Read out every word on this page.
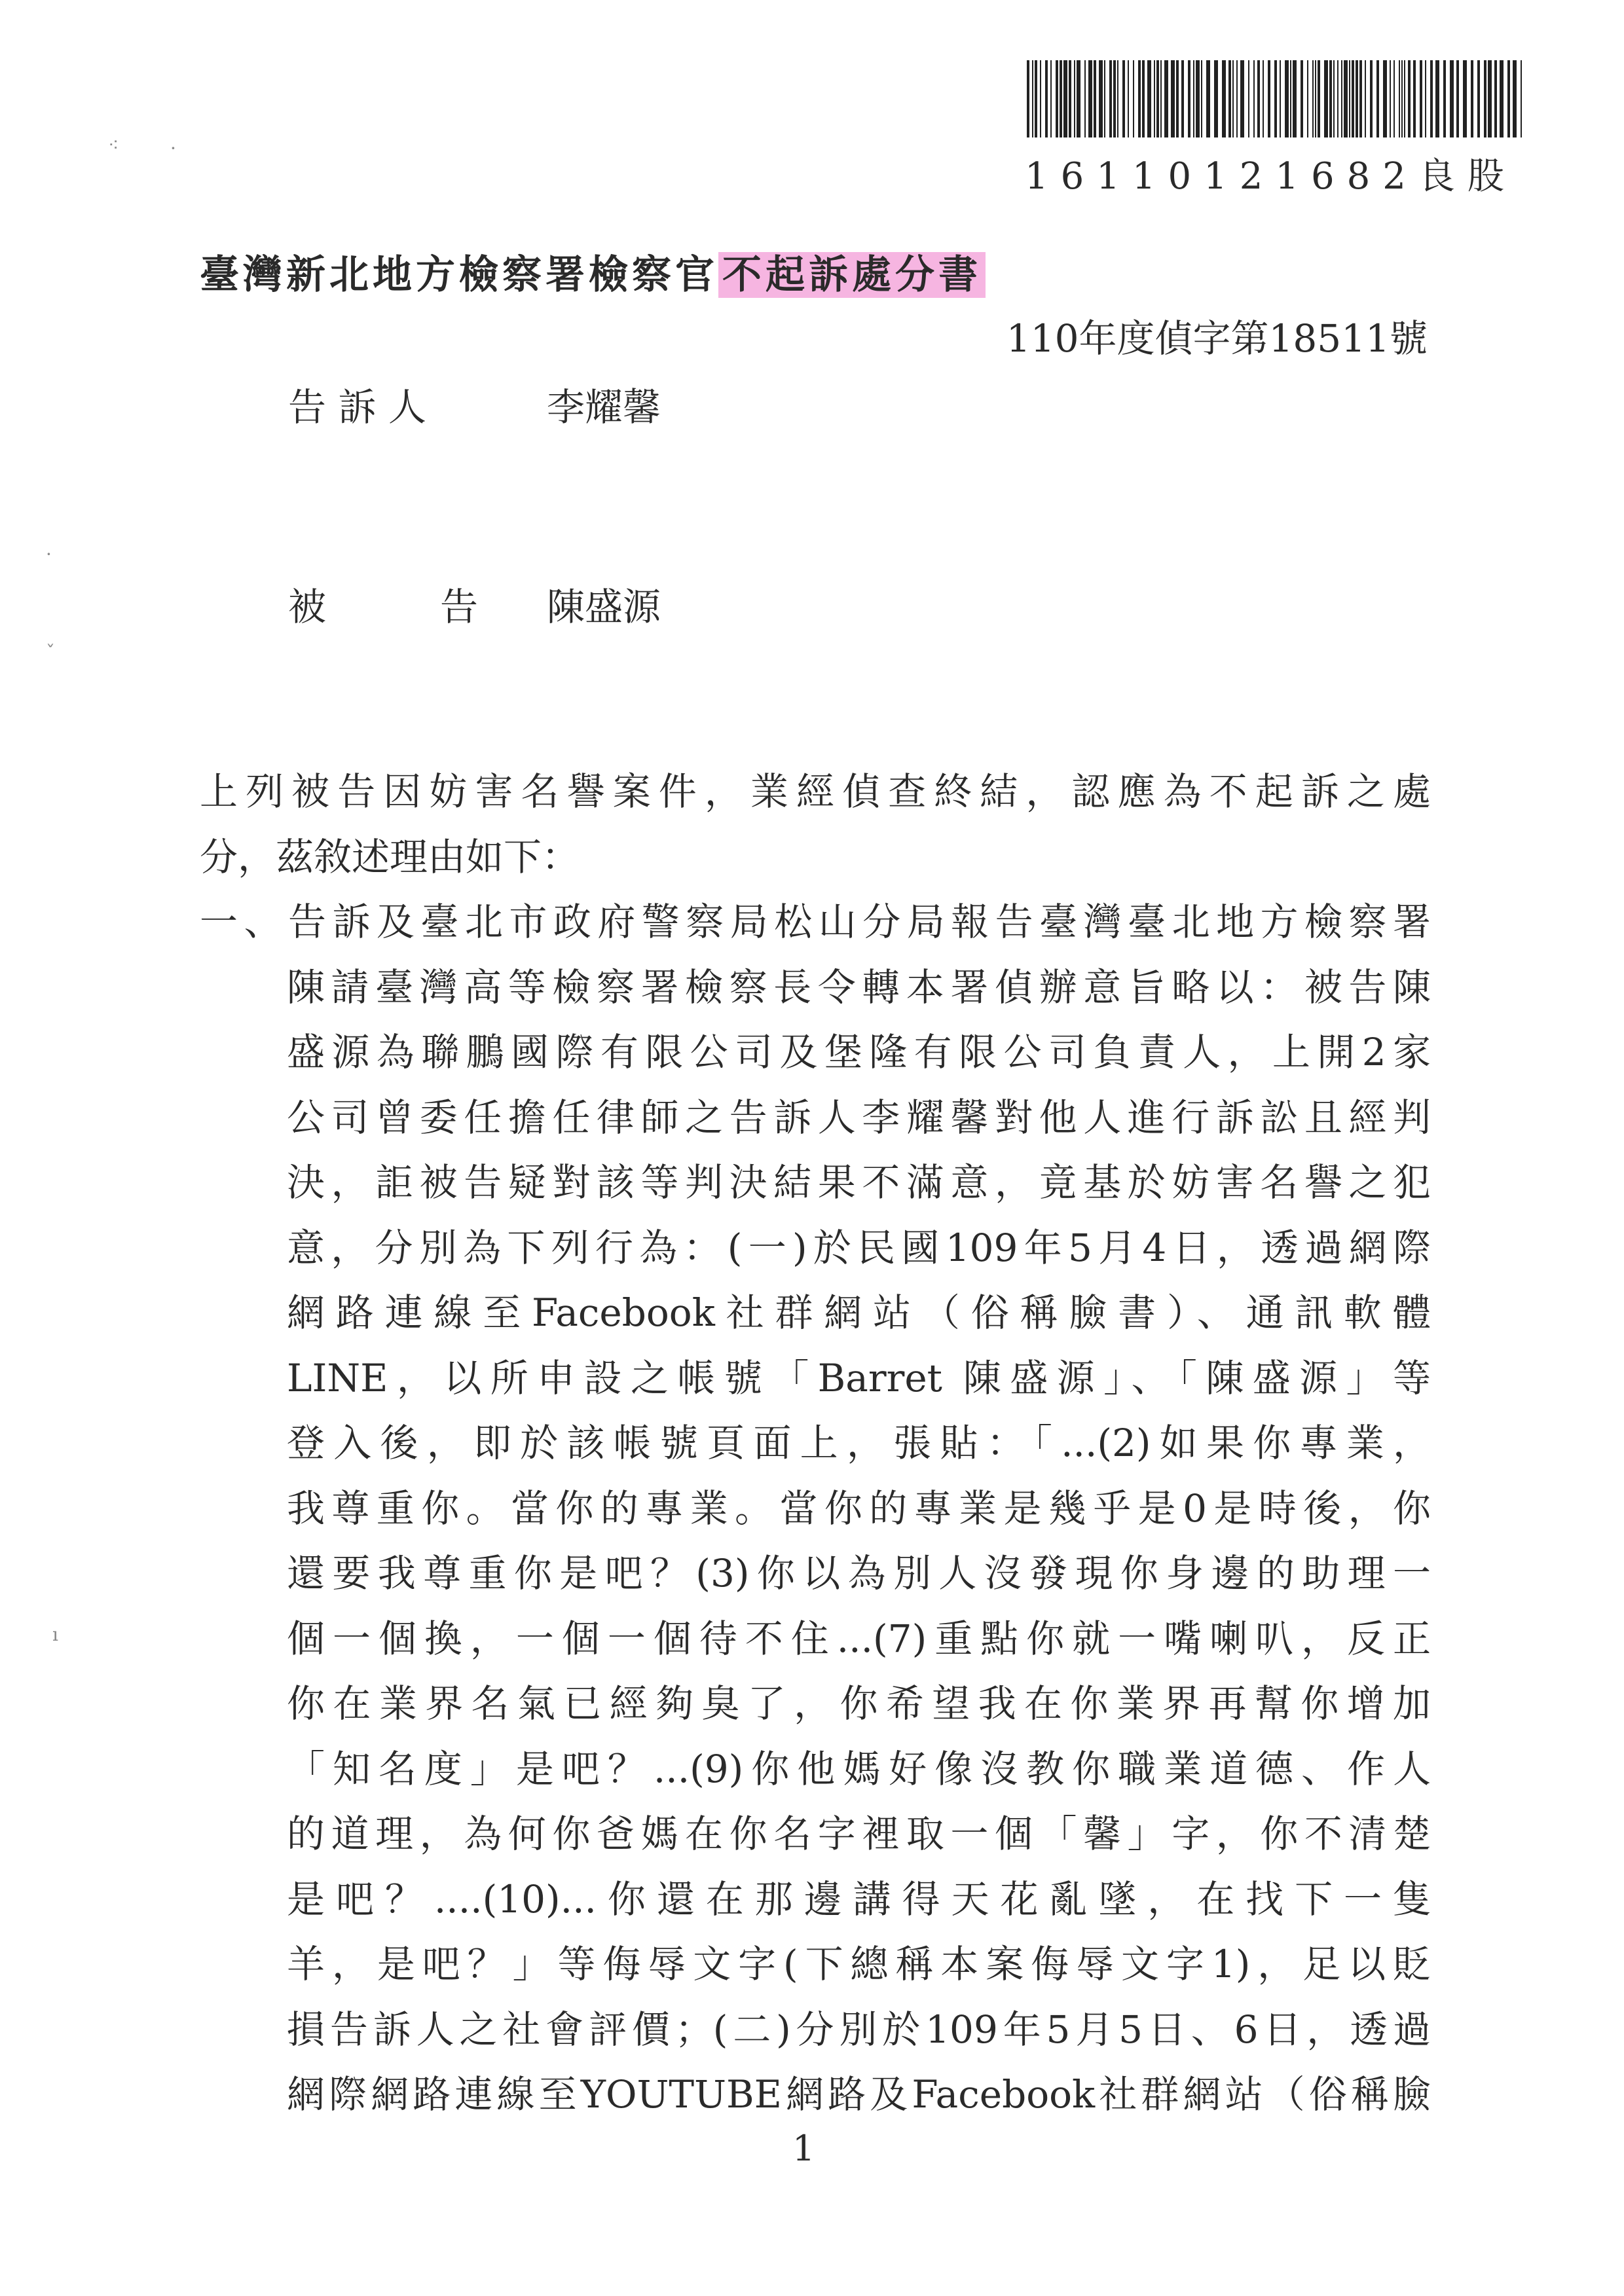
16110121682良股
⁖	·
·
ˇ
ı
臺灣新北地方檢察署檢察官 不起訴處分書
110年度偵字第18511號
告 訴 人	李耀馨
被　　　告 陳盛源
上列被告因妨害名譽案件，業經偵查終結，認應為不起訴之處
分，茲敘述理由如下：
一、告訴及臺北市政府警察局松山分局報告臺灣臺北地方檢察署
陳請臺灣高等檢察署檢察長令轉本署偵辦意旨略以：被告陳
盛源為聯鵬國際有限公司及堡隆有限公司負責人，上開2家
公司曾委任擔任律師之告訴人李耀馨對他人進行訴訟且經判
決，詎被告疑對該等判決結果不滿意，竟基於妨害名譽之犯
意，分別為下列行為：(一)於民國109年5月4日，透過網際
網路連線至Facebook社群網站（俗稱臉書）、通訊軟體
LINE，以所申設之帳號「Barret 陳盛源」、「陳盛源」等
登入後，即於該帳號頁面上，張貼：「...(2)如果你專業，
我尊重你。當你的專業。當你的專業是幾乎是0是時後，你
還要我尊重你是吧？(3)你以為別人沒發現你身邊的助理一
個一個換，一個一個待不住...(7)重點你就一嘴喇叭，反正
你在業界名氣已經夠臭了，你希望我在你業界再幫你增加
「知名度」是吧？...(9)你他媽好像沒教你職業道德、作人
的道理，為何你爸媽在你名字裡取一個「馨」字，你不清楚
是吧？....(10)...你還在那邊講得天花亂墜，在找下一隻
羊，是吧？」等侮辱文字(下總稱本案侮辱文字1)，足以貶
損告訴人之社會評價；(二)分別於109年5月5日、6日，透過
網際網路連線至YOUTUBE網路及Facebook社群網站（俗稱臉
1
